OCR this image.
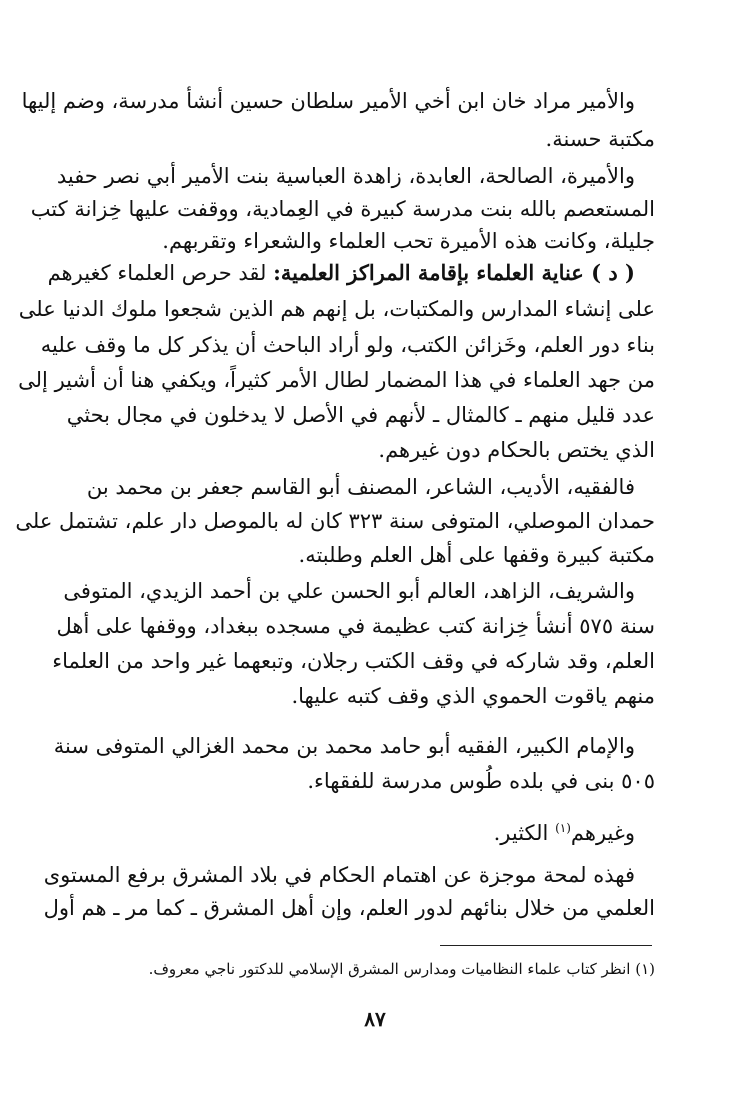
والأمير مراد خان ابن أخي الأمير سلطان حسين أنشأ مدرسة، وضم إليها
مكتبة حسنة.
والأميرة، الصالحة، العابدة، زاهدة العباسية بنت الأمير أبي نصر حفيد
المستعصم بالله بنت مدرسة كبيرة في العِمادية، ووقفت عليها خِزانة كتب
جليلة، وكانت هذه الأميرة تحب العلماء والشعراء وتقربهم.
( د ) عناية العلماء بإقامة المراكز العلمية: لقد حرص العلماء كغيرهم
على إنشاء المدارس والمكتبات، بل إنهم هم الذين شجعوا ملوك الدنيا على
بناء دور العلم، وخَزائن الكتب، ولو أراد الباحث أن يذكر كل ما وقف عليه
من جهد العلماء في هذا المضمار لطال الأمر كثيراً، ويكفي هنا أن أشير إلى
عدد قليل منهم ـ كالمثال ـ لأنهم في الأصل لا يدخلون في مجال بحثي
الذي يختص بالحكام دون غيرهم.
فالفقيه، الأديب، الشاعر، المصنف أبو القاسم جعفر بن محمد بن
حمدان الموصلي، المتوفى سنة ٣٢٣ كان له بالموصل دار علم، تشتمل على
مكتبة كبيرة وقفها على أهل العلم وطلبته.
والشريف، الزاهد، العالم أبو الحسن علي بن أحمد الزيدي، المتوفى
سنة ٥٧٥ أنشأ خِزانة كتب عظيمة في مسجده ببغداد، ووقفها على أهل
العلم، وقد شاركه في وقف الكتب رجلان، وتبعهما غير واحد من العلماء
منهم ياقوت الحموي الذي وقف كتبه عليها.
والإمام الكبير، الفقيه أبو حامد محمد بن محمد الغزالي المتوفى سنة
٥٠٥ بنى في بلده طُوس مدرسة للفقهاء.
وغيرهم$^{(١)}$ الكثير.
فهذه لمحة موجزة عن اهتمام الحكام في بلاد المشرق برفع المستوى
العلمي من خلال بنائهم لدور العلم، وإن أهل المشرق ـ كما مر ـ هم أول
(١) انظر كتاب علماء النظاميات ومدارس المشرق الإسلامي للدكتور ناجي معروف.
٨٧
